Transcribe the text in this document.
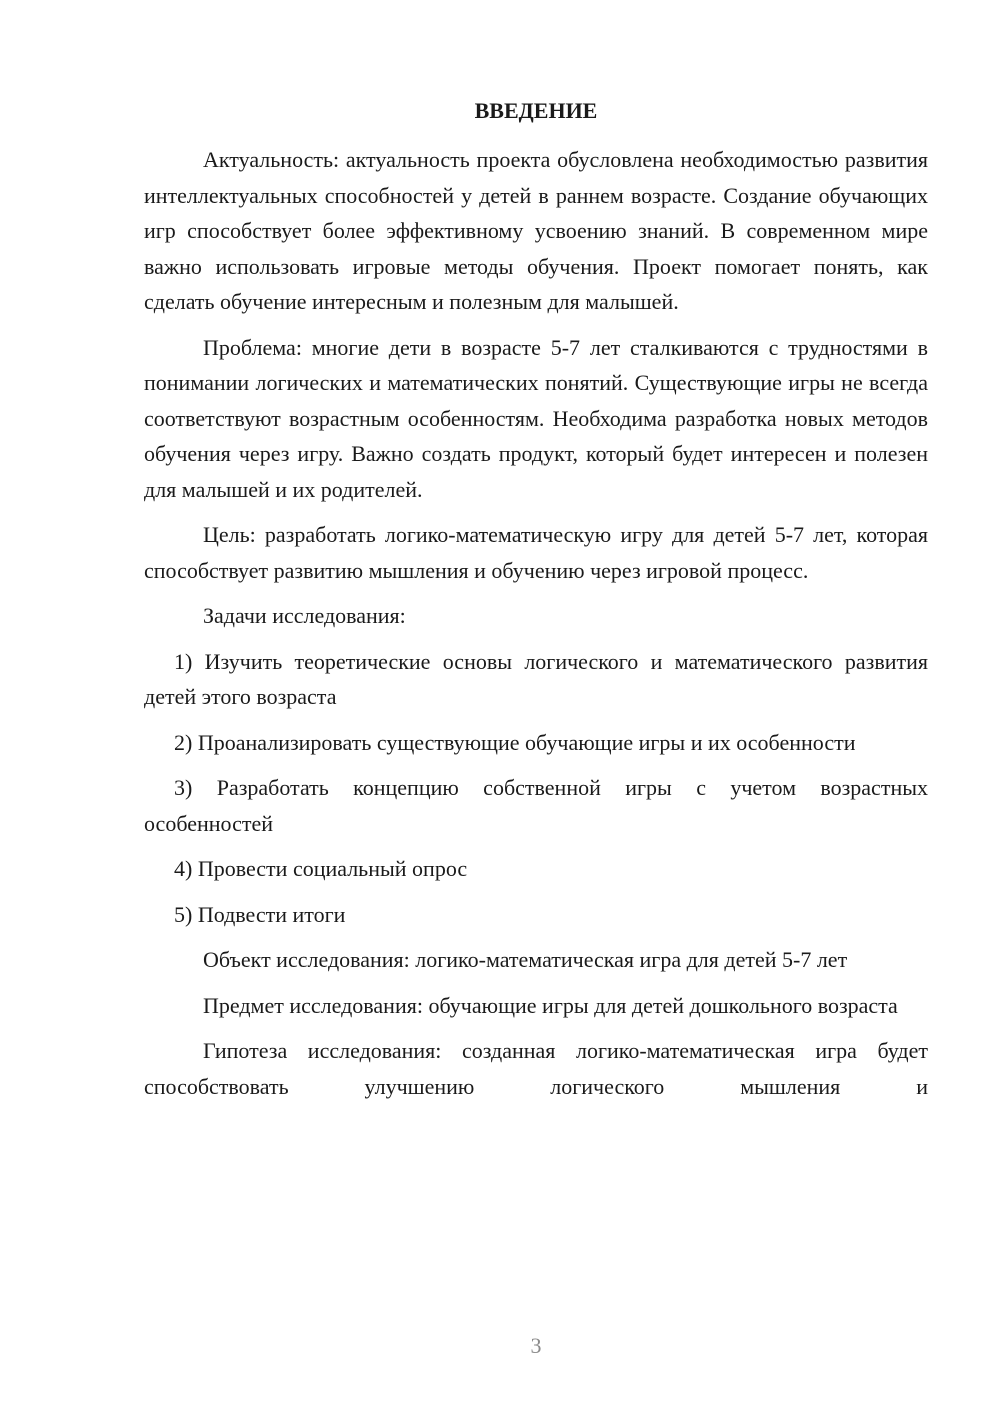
ВВЕДЕНИЕ

Актуальность: актуальность проекта обусловлена необходимостью развития интеллектуальных способностей у детей в раннем возрасте. Создание обучающих игр способствует более эффективному усвоению знаний. В современном мире важно использовать игровые методы обучения. Проект помогает понять, как сделать обучение интересным и полезным для малышей.

Проблема: многие дети в возрасте 5-7 лет сталкиваются с трудностями в понимании логических и математических понятий. Существующие игры не всегда соответствуют возрастным особенностям. Необходима разработка новых методов обучения через игру. Важно создать продукт, который будет интересен и полезен для малышей и их родителей.

Цель: разработать логико-математическую игру для детей 5-7 лет, которая способствует развитию мышления и обучению через игровой процесс.

Задачи исследования:

1) Изучить теоретические основы логического и математического развития детей этого возраста

2) Проанализировать существующие обучающие игры и их особенности

3) Разработать концепцию собственной игры с учетом возрастных особенностей

4) Провести социальный опрос

5) Подвести итоги

Объект исследования: логико-математическая игра для детей 5-7 лет

Предмет исследования: обучающие игры для детей дошкольного возраста

Гипотеза исследования: созданная логико-математическая игра будет способствовать улучшению логического мышления и

3
